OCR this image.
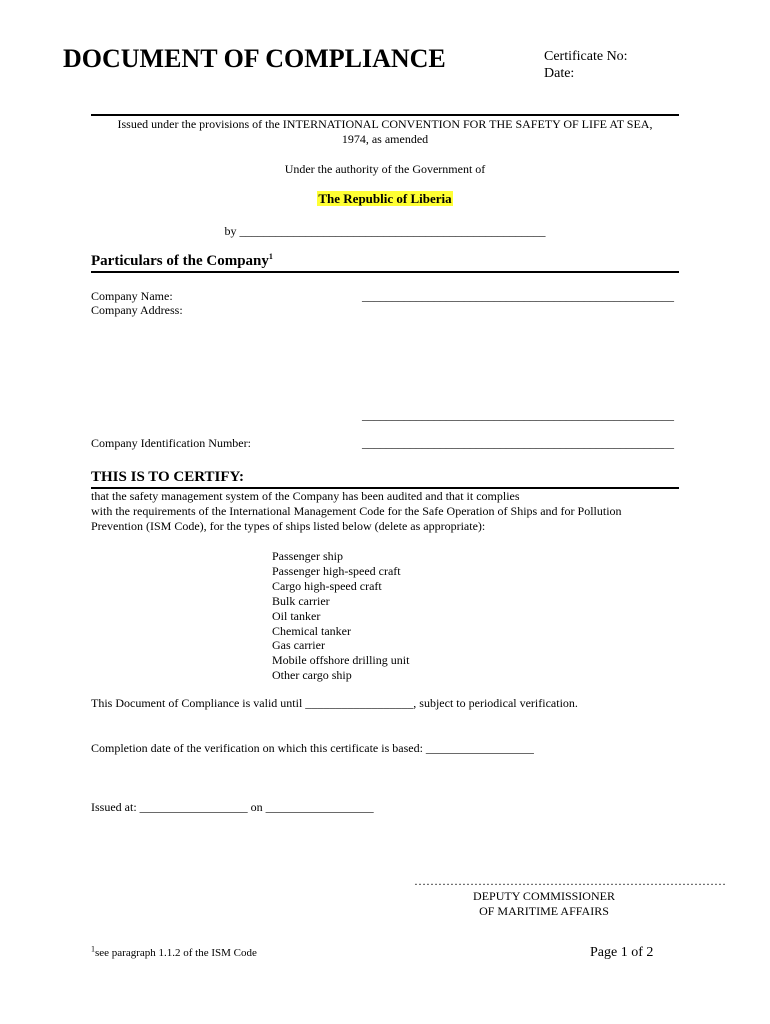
DOCUMENT OF COMPLIANCE	Certificate No:
Date:
Issued under the provisions of the INTERNATIONAL CONVENTION FOR THE SAFETY OF LIFE AT SEA,
1974, as amended
Under the authority of the Government of
The Republic of Liberia
by ___________________________________________________
Particulars of the Company$^1$
Company Name:	____________________________________________________
Company Address:
____________________________________________________
Company Identification Number:	____________________________________________________
THIS IS TO CERTIFY:
that the safety management system of the Company has been audited and that it complies
with the requirements of the International Management Code for the Safe Operation of Ships and for Pollution
Prevention (ISM Code), for the types of ships listed below (delete as appropriate):
Passenger ship
Passenger high-speed craft
Cargo high-speed craft
Bulk carrier
Oil tanker
Chemical tanker
Gas carrier
Mobile offshore drilling unit
Other cargo ship
This Document of Compliance is valid until __________________, subject to periodical verification.
Completion date of the verification on which this certificate is based: __________________
Issued at: __________________ on __________________
……………………………………………………………………
DEPUTY COMMISSIONER
OF MARITIME AFFAIRS
$^1$see paragraph 1.1.2 of the ISM Code	Page 1 of 2
